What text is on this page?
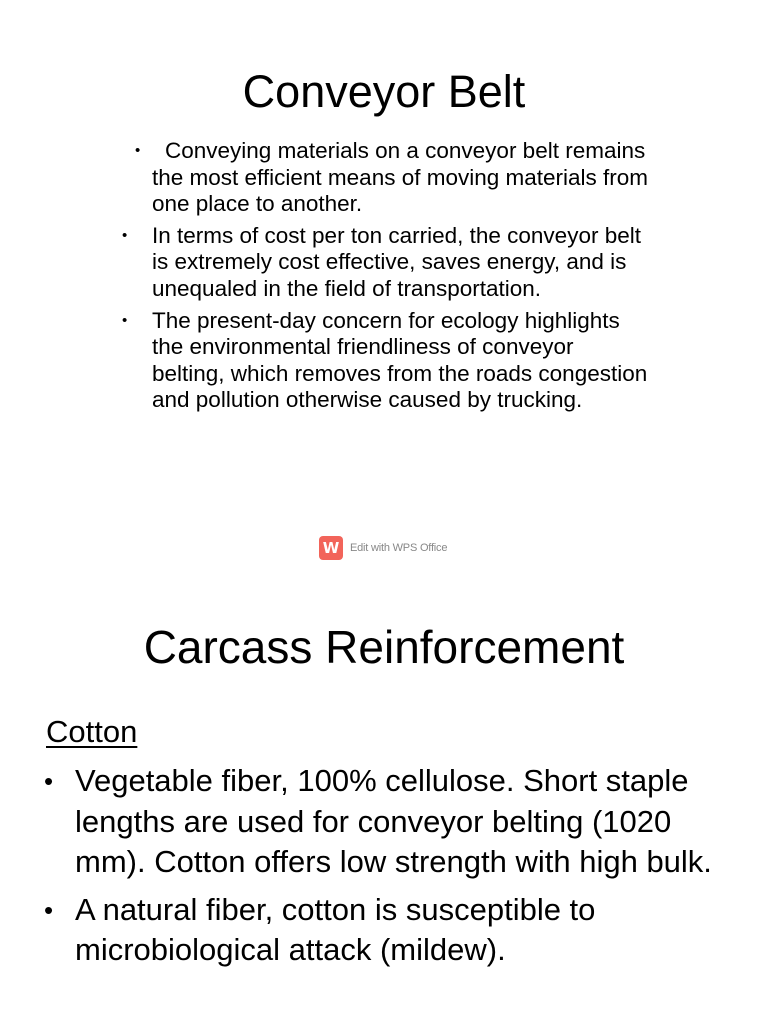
Conveyor Belt
• Conveying materials on a conveyor belt remains the most efficient means of moving materials from one place to another.
• In terms of cost per ton carried, the conveyor belt is extremely cost effective, saves energy, and is unequaled in the field of transportation.
• The present-day concern for ecology highlights the environmental friendliness of conveyor belting, which removes from the roads congestion and pollution otherwise caused by trucking.
W Edit with WPS Office
Carcass Reinforcement
Cotton
• Vegetable fiber, 100% cellulose. Short staple lengths are used for conveyor belting (1020 mm). Cotton offers low strength with high bulk.
• A natural fiber, cotton is susceptible to microbiological attack (mildew).
